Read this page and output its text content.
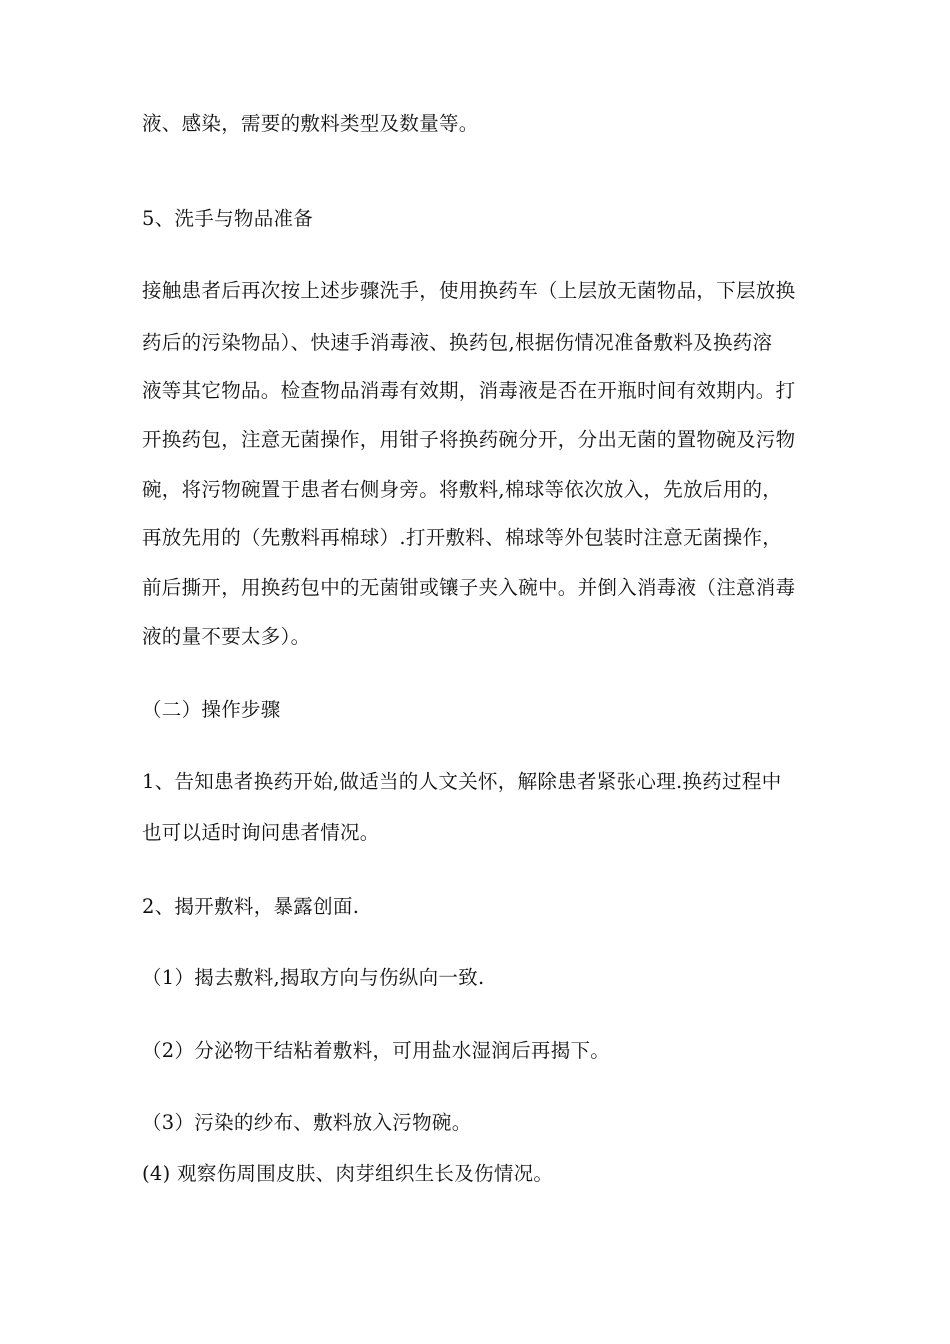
液、感染，需要的敷料类型及数量等。
5、洗手与物品准备
接触患者后再次按上述步骤洗手，使用换药车（上层放无菌物品，下层放换
药后的污染物品）、快速手消毒液、换药包,根据伤情况准备敷料及换药溶
液等其它物品。检查物品消毒有效期，消毒液是否在开瓶时间有效期内。打
开换药包，注意无菌操作，用钳子将换药碗分开，分出无菌的置物碗及污物
碗，将污物碗置于患者右侧身旁。将敷料,棉球等依次放入，先放后用的，
再放先用的（先敷料再棉球）.打开敷料、棉球等外包装时注意无菌操作，
前后撕开，用换药包中的无菌钳或镶子夹入碗中。并倒入消毒液（注意消毒
液的量不要太多）。
（二）操作步骤
1、告知患者换药开始,做适当的人文关怀，解除患者紧张心理.换药过程中
也可以适时询问患者情况。
2、揭开敷料，暴露创面.
（1）揭去敷料,揭取方向与伤纵向一致.
（2）分泌物干结粘着敷料，可用盐水湿润后再揭下。
（3）污染的纱布、敷料放入污物碗。
(4) 观察伤周围皮肤、肉芽组织生长及伤情况。
